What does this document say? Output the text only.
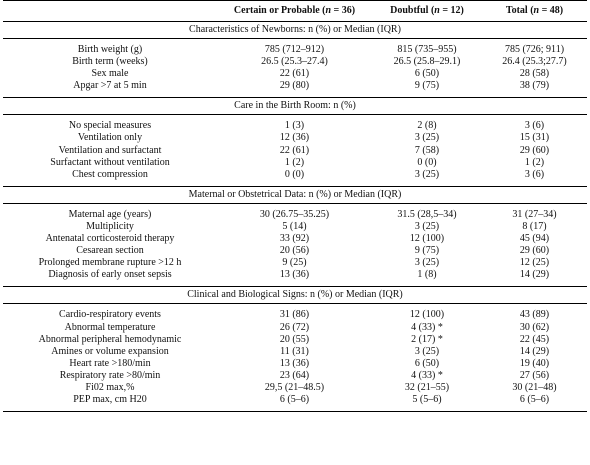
	Certain or Probable (n = 36)	Doubtful (n = 12)	Total (n = 48)
Characteristics of Newborns: n (%) or Median (IQR)			

Birth weight (g)	785 (712–912)	815 (735–955)	785 (726; 911)
Birth term (weeks)	26.5 (25.3–27.4)	26.5 (25.8–29.1)	26.4 (25.3;27.7)
Sex male	22 (61)	6 (50)	28 (58)
Apgar >7 at 5 min	29 (80)	9 (75)	38 (79)

Care in the Birth Room: n (%)			

No special measures	1 (3)	2 (8)	3 (6)
Ventilation only	12 (36)	3 (25)	15 (31)
Ventilation and surfactant	22 (61)	7 (58)	29 (60)
Surfactant without ventilation	1 (2)	0 (0)	1 (2)
Chest compression	0 (0)	3 (25)	3 (6)

Maternal or Obstetrical Data: n (%) or Median (IQR)			

Maternal age (years)	30 (26.75–35.25)	31.5 (28,5–34)	31 (27–34)
Multiplicity	5 (14)	3 (25)	8 (17)
Antenatal corticosteroid therapy	33 (92)	12 (100)	45 (94)
Cesarean section	20 (56)	9 (75)	29 (60)
Prolonged membrane rupture >12 h	9 (25)	3 (25)	12 (25)
Diagnosis of early onset sepsis	13 (36)	1 (8)	14 (29)

Clinical and Biological Signs: n (%) or Median (IQR)			

Cardio-respiratory events	31 (86)	12 (100)	43 (89)
Abnormal temperature	26 (72)	4 (33) *	30 (62)
Abnormal peripheral hemodynamic	20 (55)	2 (17) *	22 (45)
Amines or volume expansion	11 (31)	3 (25)	14 (29)
Heart rate >180/min	13 (36)	6 (50)	19 (40)
Respiratory rate >80/min	23 (64)	4 (33) *	27 (56)
Fi02 max,%	29,5 (21–48.5)	32 (21–55)	30 (21–48)
PEP max, cm H20	6 (5–6)	5 (5–6)	6 (5–6)
